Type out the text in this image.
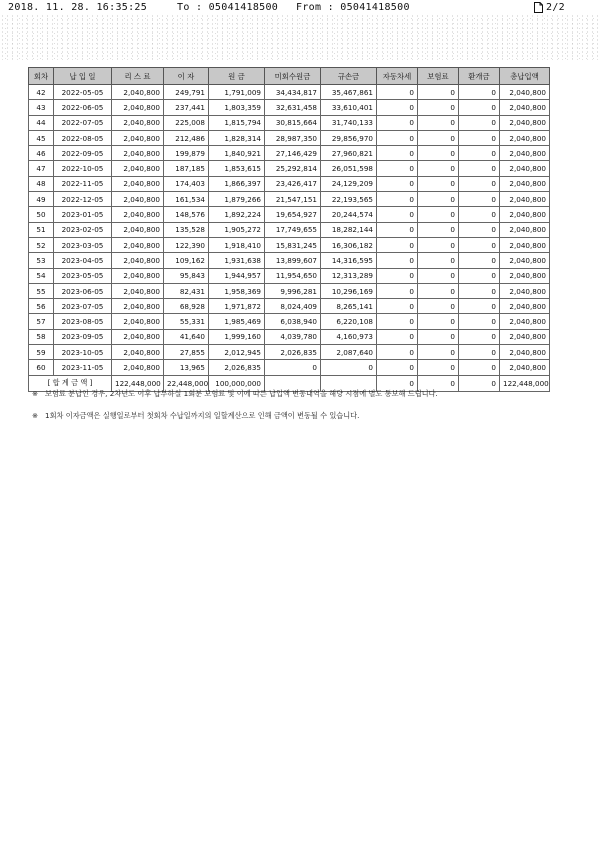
2018. 11. 28. 16:35:25	To : 05041418500 From : 05041418500	2/2
회차	납 입 일	리 스 료	이 자	원 금	미회수원금	규손금	자동차세	보험료	환개금	총납입액
42	2022-05-05	2,040,800	249,791	1,791,009	34,434,817	35,467,861	0	0	0	2,040,800
43	2022-06-05	2,040,800	237,441	1,803,359	32,631,458	33,610,401	0	0	0	2,040,800
44	2022-07-05	2,040,800	225,008	1,815,794	30,815,664	31,740,133	0	0	0	2,040,800
45	2022-08-05	2,040,800	212,486	1,828,314	28,987,350	29,856,970	0	0	0	2,040,800
46	2022-09-05	2,040,800	199,879	1,840,921	27,146,429	27,960,821	0	0	0	2,040,800
47	2022-10-05	2,040,800	187,185	1,853,615	25,292,814	26,051,598	0	0	0	2,040,800
48	2022-11-05	2,040,800	174,403	1,866,397	23,426,417	24,129,209	0	0	0	2,040,800
49	2022-12-05	2,040,800	161,534	1,879,266	21,547,151	22,193,565	0	0	0	2,040,800
50	2023-01-05	2,040,800	148,576	1,892,224	19,654,927	20,244,574	0	0	0	2,040,800
51	2023-02-05	2,040,800	135,528	1,905,272	17,749,655	18,282,144	0	0	0	2,040,800
52	2023-03-05	2,040,800	122,390	1,918,410	15,831,245	16,306,182	0	0	0	2,040,800
53	2023-04-05	2,040,800	109,162	1,931,638	13,899,607	14,316,595	0	0	0	2,040,800
54	2023-05-05	2,040,800	95,843	1,944,957	11,954,650	12,313,289	0	0	0	2,040,800
55	2023-06-05	2,040,800	82,431	1,958,369	9,996,281	10,296,169	0	0	0	2,040,800
56	2023-07-05	2,040,800	68,928	1,971,872	8,024,409	8,265,141	0	0	0	2,040,800
57	2023-08-05	2,040,800	55,331	1,985,469	6,038,940	6,220,108	0	0	0	2,040,800
58	2023-09-05	2,040,800	41,640	1,999,160	4,039,780	4,160,973	0	0	0	2,040,800
59	2023-10-05	2,040,800	27,855	2,012,945	2,026,835	2,087,640	0	0	0	2,040,800
60	2023-11-05	2,040,800	13,965	2,026,835	0	0	0	0	0	2,040,800
[ 합 계 금 액 ]		122,448,000	22,448,000	100,000,000			0	0	0	122,448,000
※ 보험료 분납인 경우, 2차년도 이후 납부하실 1회분 보험료 및 이에 따른 납입액 변동내역을 해당 시점에 별도 통보해 드립니다.
※ 1회차 이자금액은 실행일로부터 첫회차 수납일까지의 일할계산으로 인해 금액이 변동될 수 있습니다.
